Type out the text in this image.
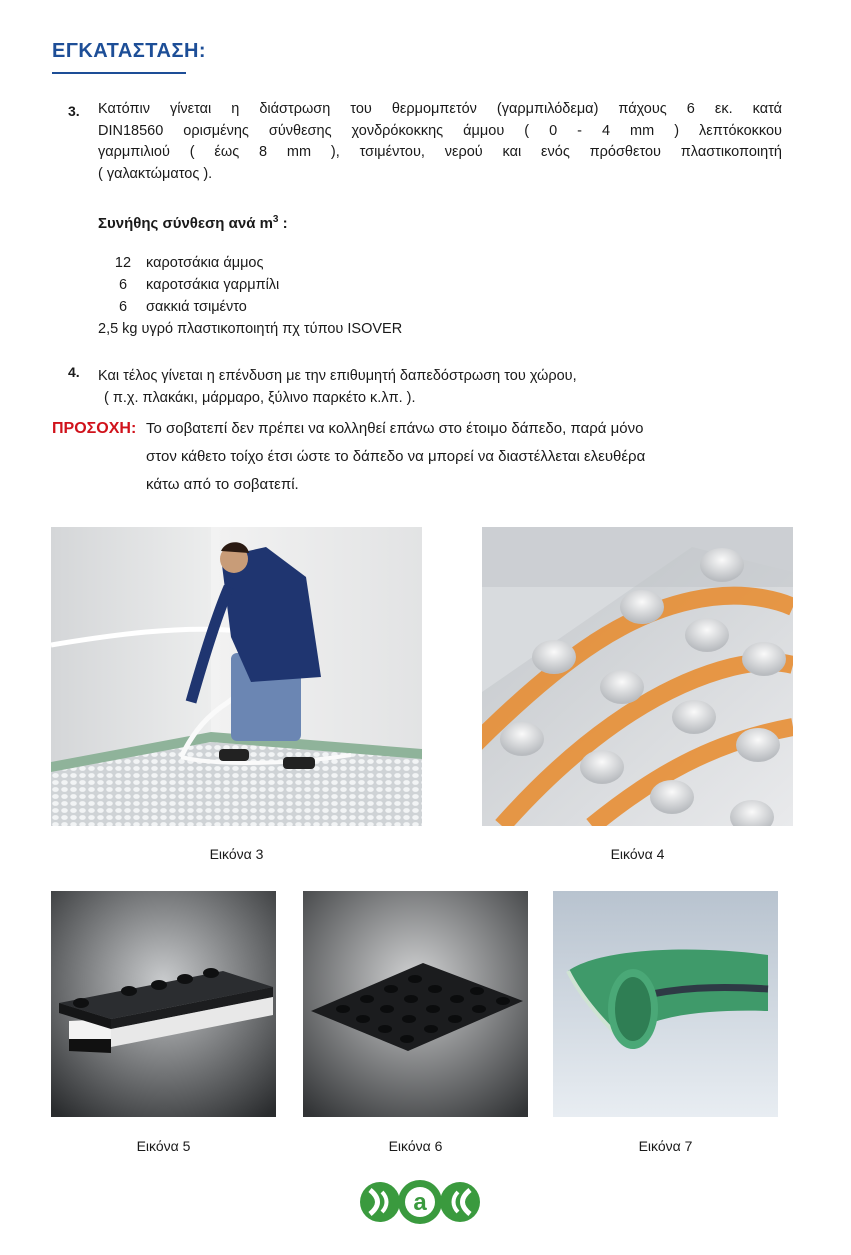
ΕΓΚΑΤΑΣΤΑΣΗ:
3. Κατόπιν γίνεται η διάστρωση του θερμομπετόν (γαρμπιλόδεμα) πάχους 6 εκ. κατά
DIN18560 ορισμένης σύνθεσης χονδρόκοκκης άμμου ( 0 - 4 mm ) λεπτόκοκκου
γαρμπιλιού ( έως 8 mm ), τσιμέντου, νερού και ενός πρόσθετου πλαστικοποιητή
( γαλακτώματος ).
Συνήθης σύνθεση ανά $m^3$ :
12 καροτσάκια άμμος
6 καροτσάκια γαρμπίλι
6 σακκιά τσιμέντο
2,5 kg υγρό πλαστικοποιητή πχ τύπου ISOVER
4. Και τέλος γίνεται η επένδυση με την επιθυμητή δαπεδόστρωση του χώρου,
( π.χ. πλακάκι, μάρμαρο, ξύλινο παρκέτο κ.λπ. ).
ΠΡΟΣΟΧΗ: Το σοβατεπί δεν πρέπει να κολληθεί επάνω στο έτοιμο δάπεδο, παρά μόνο
στον κάθετο τοίχο έτσι ώστε το δάπεδο να μπορεί να διαστέλλεται ελευθέρα
κάτω από το σοβατεπί.
Εικόνα 3	Εικόνα 4
Εικόνα 5	Εικόνα 6	Εικόνα 7
a
